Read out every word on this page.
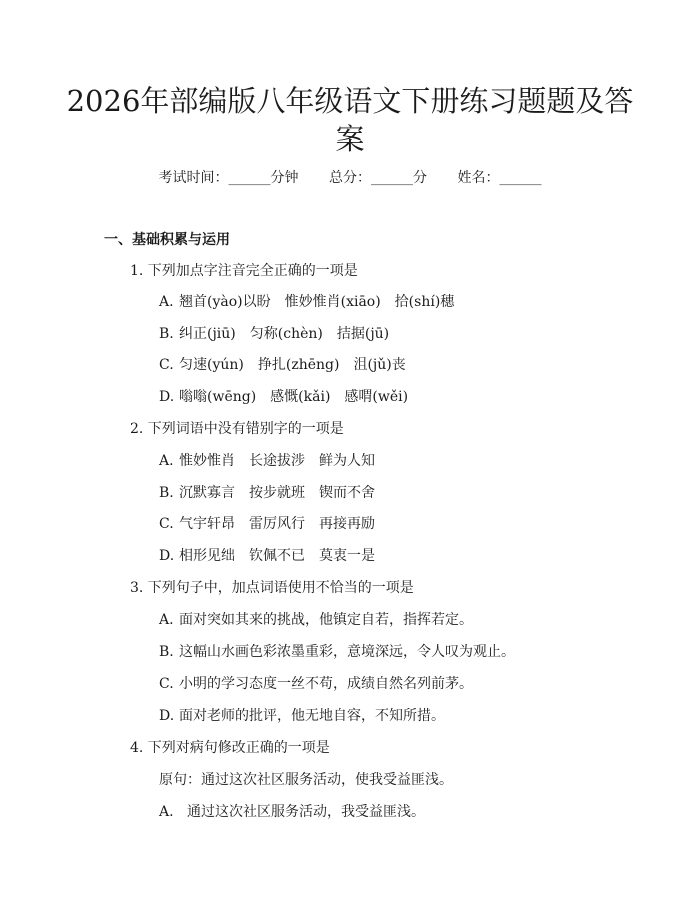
2026年部编版八年级语文下册练习题题及答案
考试时间：______分钟 总分：______分 姓名：______
一、基础积累与运用
1. 下列加点字注音完全正确的一项是
A. 翘首(yào)以盼 惟妙惟肖(xiāo) 拾(shí)穗
B. 纠正(jiū) 匀称(chèn) 拮据(jū)
C. 匀速(yún) 挣扎(zhēng) 沮(jǔ)丧
D. 嗡嗡(wēng) 感慨(kǎi) 感喟(wěi)
2. 下列词语中没有错别字的一项是
A. 惟妙惟肖 长途拔涉 鲜为人知
B. 沉默寡言 按步就班 锲而不舍
C. 气宇轩昂 雷厉风行 再接再励
D. 相形见绌 钦佩不已 莫衷一是
3. 下列句子中，加点词语使用不恰当的一项是
A. 面对突如其来的挑战，他镇定自若，指挥若定。
B. 这幅山水画色彩浓墨重彩，意境深远，令人叹为观止。
C. 小明的学习态度一丝不苟，成绩自然名列前茅。
D. 面对老师的批评，他无地自容，不知所措。
4. 下列对病句修改正确的一项是
原句：通过这次社区服务活动，使我受益匪浅。
A. 通过这次社区服务活动，我受益匪浅。
